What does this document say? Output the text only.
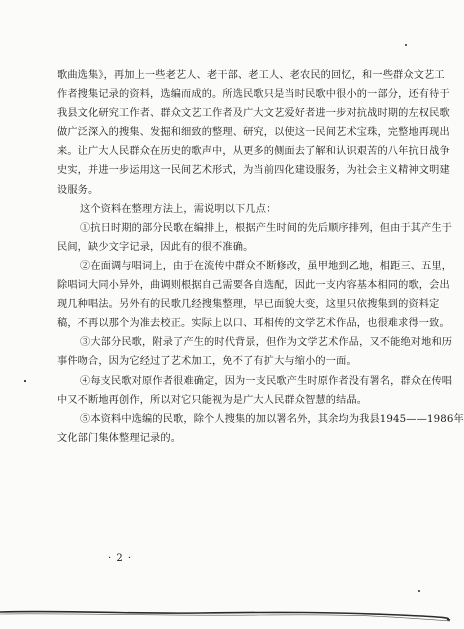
歌曲选集》，再加上一些老艺人、老干部、老工人、老农民的回忆，和一些群众文艺工
作者搜集记录的资料，选编而成的。所选民歌只是当时民歌中很小的一部分，还有待于
我县文化研究工作者、群众文艺工作者及广大文艺爱好者进一步对抗战时期的左权民歌
做广泛深入的搜集、发掘和细致的整理、研究，以使这一民间艺术宝珠，完整地再现出
来。让广大人民群众在历史的歌声中，从更多的侧面去了解和认识艰苦的八年抗日战争
史实，并进一步运用这一民间艺术形式，为当前四化建设服务，为社会主义精神文明建
设服务。
这个资料在整理方法上，需说明以下几点：
①抗日时期的部分民歌在编排上，根据产生时间的先后顺序排列，但由于其产生于
民间，缺少文字记录，因此有的很不准确。
②在面调与唱词上，由于在流传中群众不断修改，虽甲地到乙地，相距三、五里，
除唱词大同小异外，曲调则根据自己需要各自选配，因此一支内容基本相同的歌，会出
现几种唱法。另外有的民歌几经搜集整理，早已面貌大变，这里只依搜集到的资料定
稿，不再以那个为准去校正。实际上以口、耳相传的文学艺术作品，也很难求得一致。
③大部分民歌，附录了产生的时代背景，但作为文学艺术作品，又不能绝对地和历
事件吻合，因为它经过了艺术加工，免不了有扩大与缩小的一面。
④每支民歌对原作者很难确定，因为一支民歌产生时原作者没有署名，群众在传唱
中又不断地再创作，所以对它只能视为是广大人民群众智慧的结晶。
⑤本资料中选编的民歌，除个人搜集的加以署名外，其余均为我县1945——1986年
文化部门集体整理记录的。
· 2 ·
